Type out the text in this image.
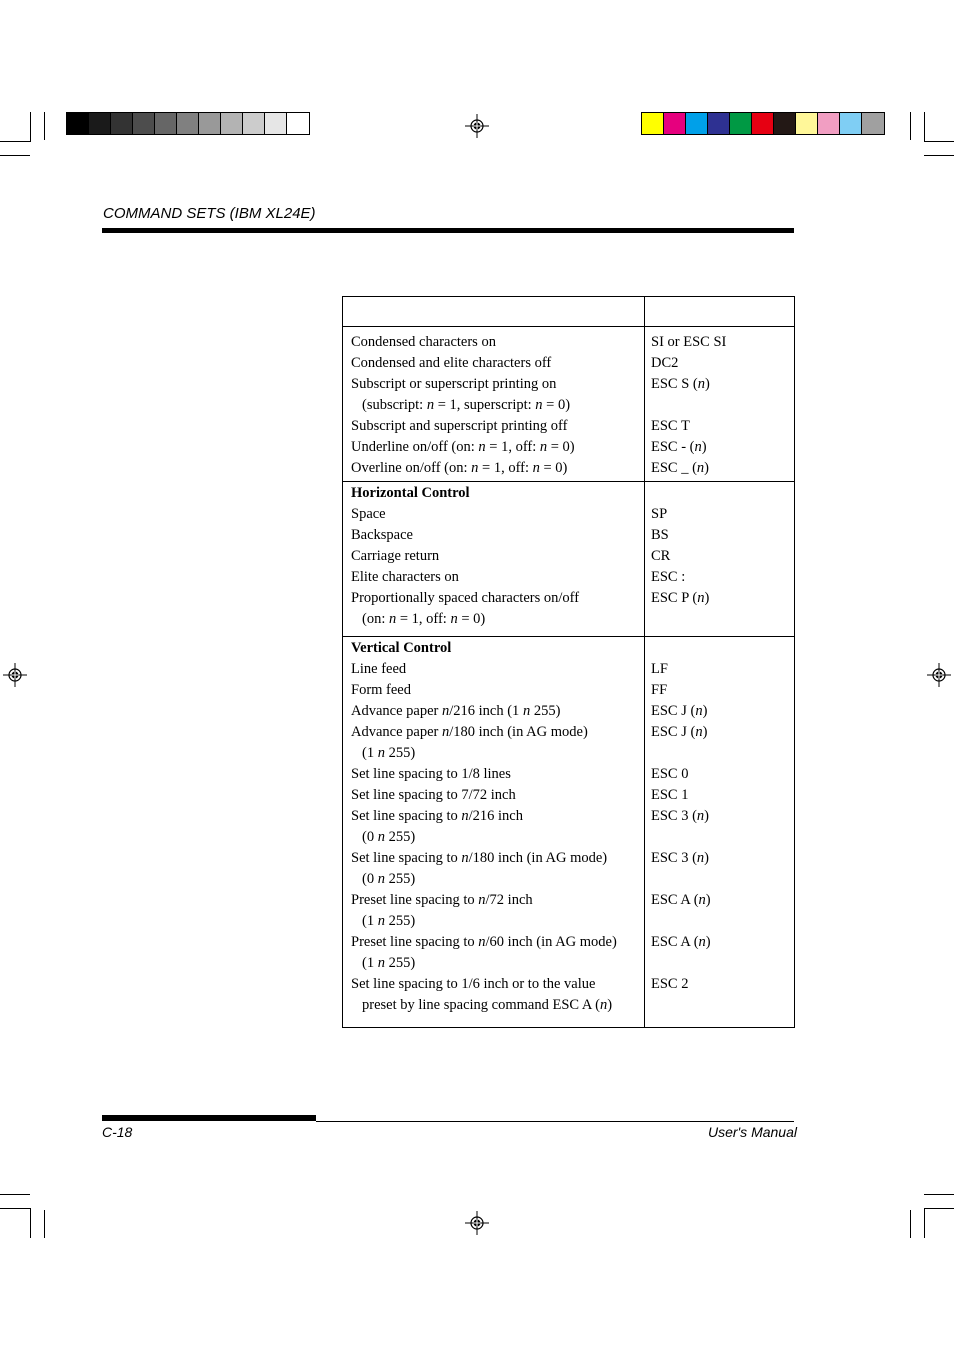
COMMAND SETS (IBM XL24E)
Condensed characters on	SI or ESC SI
Condensed and elite characters off	DC2
Subscript or superscript printing on	ESC S (n)
(subscript: n = 1, superscript: n = 0)
Subscript and superscript printing off	ESC T
Underline on/off (on: n = 1, off: n = 0)	ESC - (n)
Overline on/off (on: n = 1, off: n = 0)	ESC _ (n)
Horizontal Control
Space	SP
Backspace	BS
Carriage return	CR
Elite characters on	ESC :
Proportionally spaced characters on/off	ESC P (n)
(on: n = 1, off: n = 0)
Vertical Control
Line feed	LF
Form feed	FF
Advance paper n/216 inch (1 n 255)	ESC J (n)
Advance paper n/180 inch (in AG mode)	ESC J (n)
(1 n 255)
Set line spacing to 1/8 lines	ESC 0
Set line spacing to 7/72 inch	ESC 1
Set line spacing to n/216 inch	ESC 3 (n)
(0 n 255)
Set line spacing to n/180 inch (in AG mode)	ESC 3 (n)
(0 n 255)
Preset line spacing to n/72 inch	ESC A (n)
(1 n 255)
Preset line spacing to n/60 inch (in AG mode) ESC A (n)
(1 n 255)
Set line spacing to 1/6 inch or to the value	ESC 2
preset by line spacing command ESC A (n)
C-18	User's Manual
